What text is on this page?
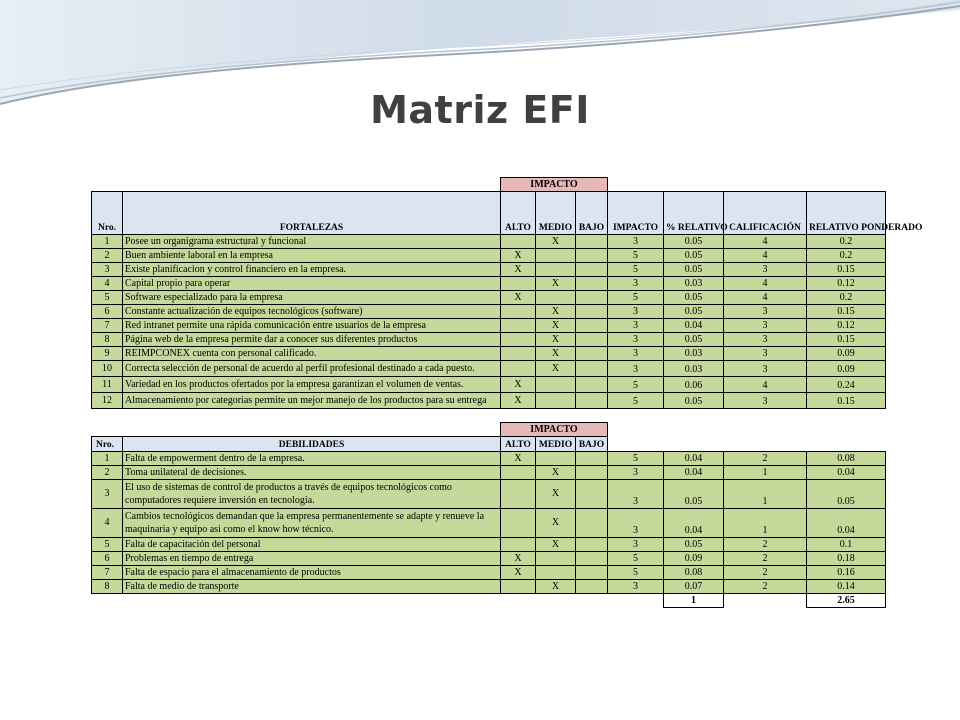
Matriz EFI
		IMPACTO						
Nro.	FORTALEZAS	ALTO	MEDIO	BAJO	IMPACTO	% RELATIVO	CALIFICACIÓN	RELATIVO PONDERADO
1	Posee un organigrama estructural y funcional		X		3	0.05	4	0.2
2	Buen ambiente laboral en la empresa	X			5	0.05	4	0.2
3	Existe planificacion y control financiero en la empresa.	X			5	0.05	3	0.15
4	Capital propio para operar		X		3	0.03	4	0.12
5	Software especializado para la empresa	X			5	0.05	4	0.2
6	Constante actualización de equipos tecnológicos (software)		X		3	0.05	3	0.15
7	Red intranet permite una rápida comunicación entre usuarios de la empresa		X		3	0.04	3	0.12
8	Página web de la empresa permite dar a conocer sus diferentes productos		X		3	0.05	3	0.15
9	REIMPCONEX cuenta con personal calificado.		X		3	0.03	3	0.09
10	Correcta selección de personal de acuerdo al perfil profesional destinado a cada puesto.		X		3	0.03	3	0.09
11	Variedad en los productos ofertados por la empresa garantizan el volumen de ventas.	X			5	0.06	4	0.24
12	Almacenamiento por categorias permite un mejor manejo de los productos para su entrega	X			5	0.05	3	0.15

		IMPACTO						
Nro.	DEBILIDADES	ALTO	MEDIO	BAJO				
1	Falta de empowerment dentro de la empresa.	X			5	0.04	2	0.08
2	Toma unilateral de decisiones.		X		3	0.04	1	0.04
3	El uso de sistemas de control de productos a través de equipos tecnológicos como computadores requiere inversión en tecnología.		X		3	0.05	1	0.05
4	Cambios tecnológicos demandan que la empresa permanentemente se adapte y renueve la maquinaria y equipo asi como el know how técnico.		X		3	0.04	1	0.04
5	Falta de capacitación del personal		X		3	0.05	2	0.1
6	Problemas en tiempo de entrega	X			5	0.09	2	0.18
7	Falta de espacio para el almacenamiento de productos	X			5	0.08	2	0.16
8	Falta de medio de transporte		X		3	0.07	2	0.14
						1		2.65
